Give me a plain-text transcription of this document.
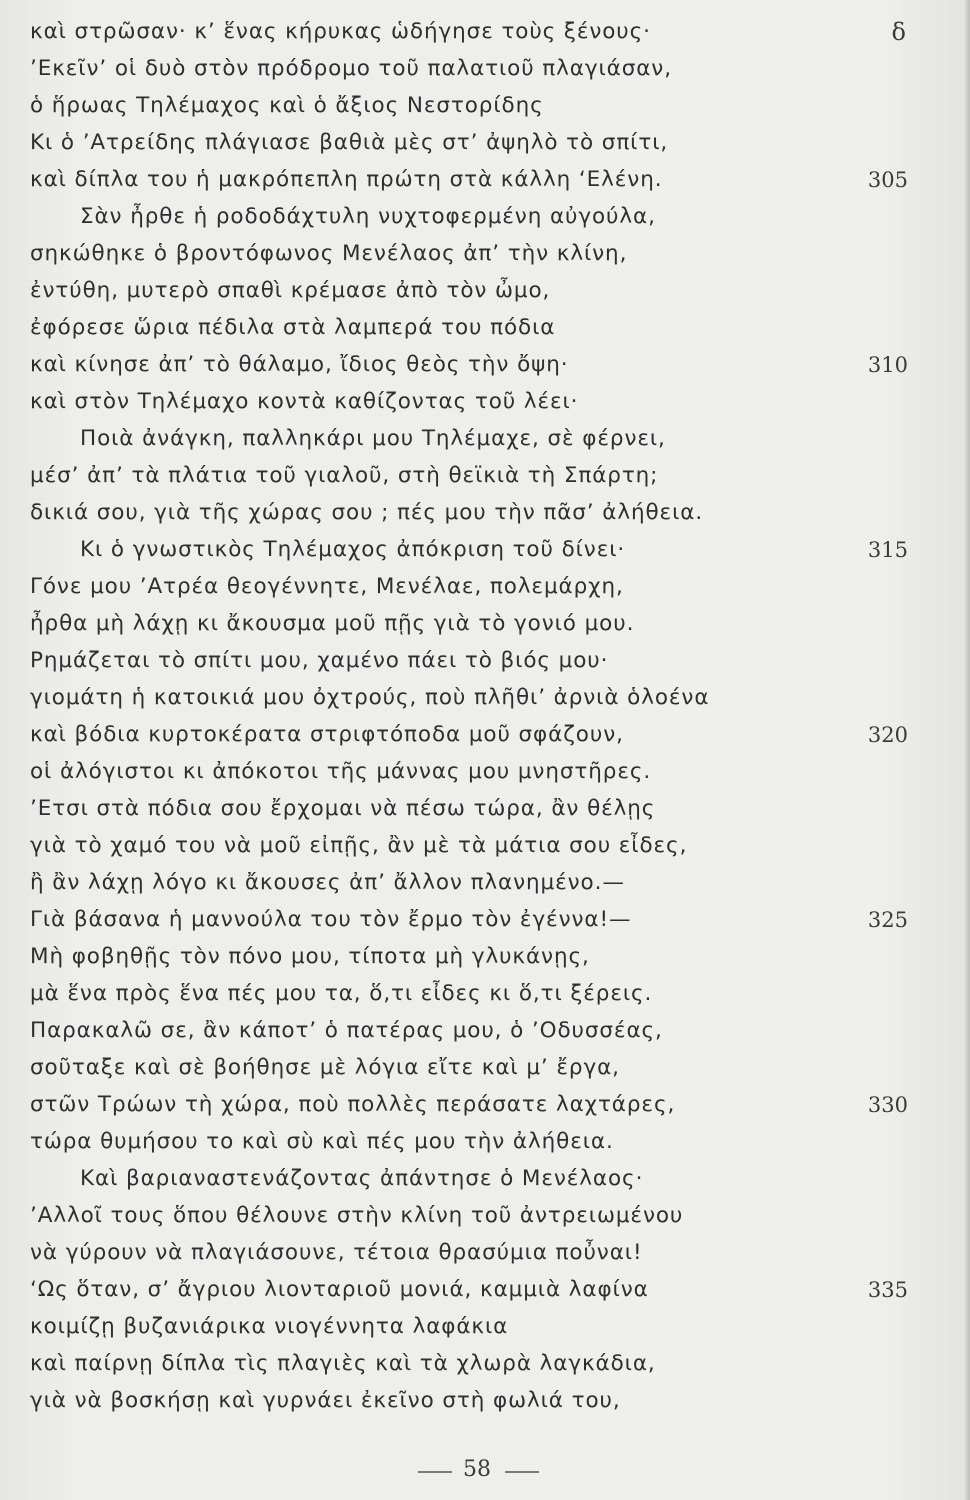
καὶ στρῶσαν· κ’ ἕνας κήρυκας ὡδήγησε τοὺς ξένους·	δ
’Εκεῖν’ οἱ δυὸ στὸν πρόδρομο τοῦ παλατιοῦ πλαγιάσαν,
ὁ ἥρωας Τηλέμαχος καὶ ὁ ἄξιος Νεστορίδης
Κι ὁ ’Ατρείδης πλάγιασε βαθιὰ μὲς στ’ ἀψηλὸ τὸ σπίτι,
καὶ δίπλα του ἡ μακρόπεπλη πρώτη στὰ κάλλη ‘Ελένη.	305
Σὰν ἦρθε ἡ ροδοδάχτυλη νυχτοφερμένη αὐγούλα,
σηκώθηκε ὁ βροντόφωνος Μενέλαος ἀπ’ τὴν κλίνη,
ἐντύθη, μυτερὸ σπαθὶ κρέμασε ἀπὸ τὸν ὦμο,
ἐφόρεσε ὥρια πέδιλα στὰ λαμπερά του πόδια
καὶ κίνησε ἀπ’ τὸ θάλαμο, ἴδιος θεὸς τὴν ὄψη·	310
καὶ στὸν Τηλέμαχο κοντὰ καθίζοντας τοῦ λέει·
Ποιὰ ἀνάγκη, παλληκάρι μου Τηλέμαχε, σὲ φέρνει,
μέσ’ ἀπ’ τὰ πλάτια τοῦ γιαλοῦ, στὴ θεϊκιὰ τὴ Σπάρτη;
δικιά σου, γιὰ τῆς χώρας σου ; πές μου τὴν πᾶσ’ ἀλήθεια.
Κι ὁ γνωστικὸς Τηλέμαχος ἀπόκριση τοῦ δίνει·	315
Γόνε μου ’Ατρέα θεογέννητε, Μενέλαε, πολεμάρχη,
ἦρθα μὴ λάχῃ κι ἄκουσμα μοῦ πῇς γιὰ τὸ γονιό μου.
Ρημάζεται τὸ σπίτι μου, χαμένο πάει τὸ βιός μου·
γιομάτη ἡ κατοικιά μου ὀχτρούς, ποὺ πλῆθι’ ἀρνιὰ ὁλοένα
καὶ βόδια κυρτοκέρατα στριφτόποδα μοῦ σφάζουν,	320
οἱ ἀλόγιστοι κι ἀπόκοτοι τῆς μάννας μου μνηστῆρες.
’Ετσι στὰ πόδια σου ἔρχομαι νὰ πέσω τώρα, ἂν θέλῃς
γιὰ τὸ χαμό του νὰ μοῦ εἰπῇς, ἂν μὲ τὰ μάτια σου εἶδες,
ἢ ἂν λάχῃ λόγο κι ἄκουσες ἀπ’ ἄλλον πλανημένο.—
Γιὰ βάσανα ἡ μαννούλα του τὸν ἔρμο τὸν ἐγέννα!—	325
Μὴ φοβηθῇς τὸν πόνο μου, τίποτα μὴ γλυκάνῃς,
μὰ ἕνα πρὸς ἕνα πές μου τα, ὅ,τι εἶδες κι ὅ,τι ξέρεις.
Παρακαλῶ σε, ἂν κάποτ’ ὁ πατέρας μου, ὁ ’Οδυσσέας,
σοῦταξε καὶ σὲ βοήθησε μὲ λόγια εἴτε καὶ μ’ ἔργα,
στῶν Τρώων τὴ χώρα, ποὺ πολλὲς περάσατε λαχτάρες,	330
τώρα θυμήσου το καὶ σὺ καὶ πές μου τὴν ἀλήθεια.
Καὶ βαριαναστενάζοντας ἀπάντησε ὁ Μενέλαος·
’Αλλοῖ τους ὅπου θέλουνε στὴν κλίνη τοῦ ἀντρειωμένου
νὰ γύρουν νὰ πλαγιάσουνε, τέτοια θρασύμια ποὖναι!
‘Ως ὅταν, σ’ ἄγριου λιονταριοῦ μονιά, καμμιὰ λαφίνα	335
κοιμίζῃ βυζανιάρικα νιογέννητα λαφάκια
καὶ παίρνῃ δίπλα τὶς πλαγιὲς καὶ τὰ χλωρὰ λαγκάδια,
γιὰ νὰ βοσκήσῃ καὶ γυρνάει ἐκεῖνο στὴ φωλιά του,
58
